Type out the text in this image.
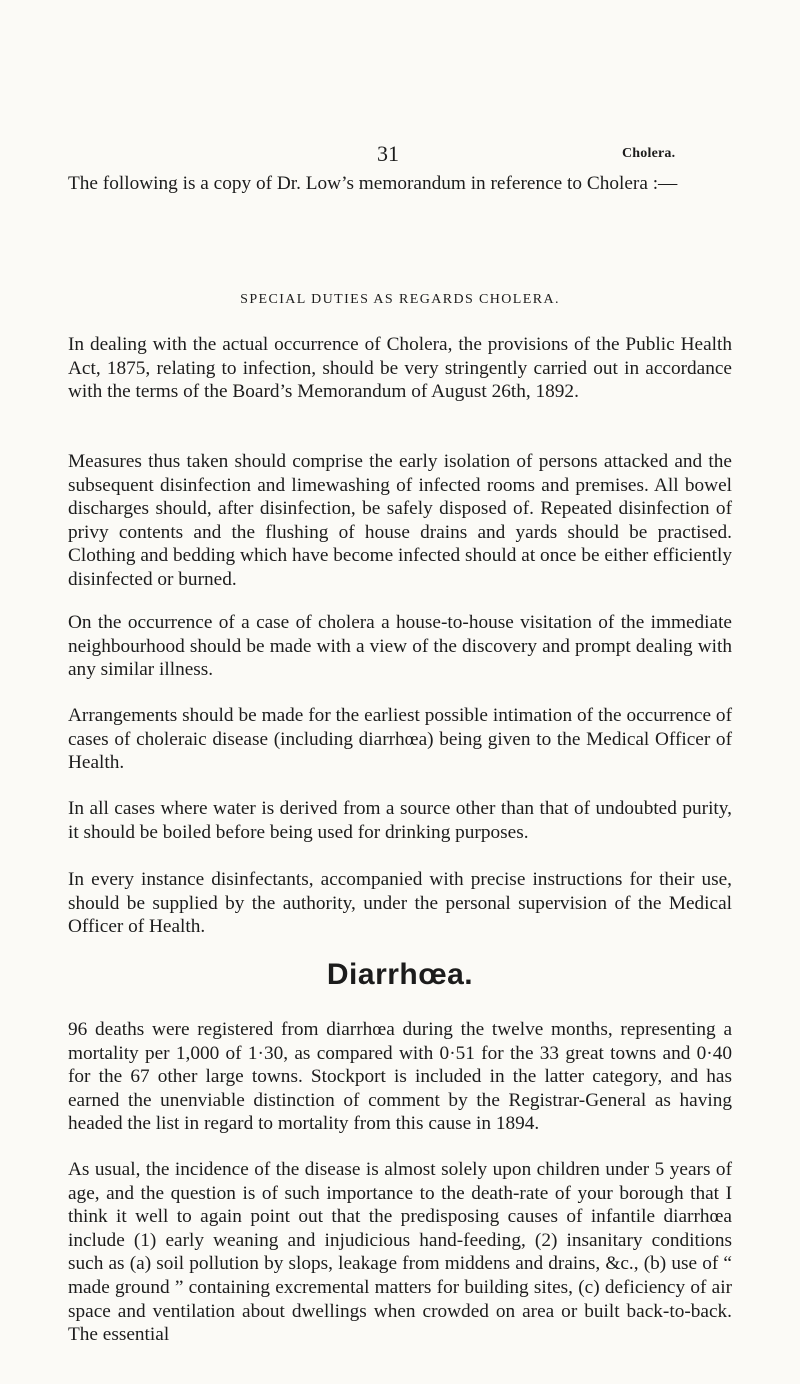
31	Cholera.

The following is a copy of Dr. Low’s memorandum in reference to Cholera :—

SPECIAL DUTIES AS REGARDS CHOLERA.

In dealing with the actual occurrence of Cholera, the provisions of the Public Health Act, 1875, relating to infection, should be very stringently carried out in accordance with the terms of the Board’s Memorandum of August 26th, 1892.

Measures thus taken should comprise the early isolation of persons attacked and the subsequent disinfection and limewashing of infected rooms and premises. All bowel discharges should, after disinfection, be safely disposed of. Repeated disinfection of privy contents and the flushing of house drains and yards should be practised. Clothing and bedding which have become infected should at once be either efficiently disinfected or burned.

On the occurrence of a case of cholera a house-to-house visitation of the immediate neighbourhood should be made with a view of the discovery and prompt dealing with any similar illness.

Arrangements should be made for the earliest possible intimation of the occurrence of cases of choleraic disease (including diarrhœa) being given to the Medical Officer of Health.

In all cases where water is derived from a source other than that of undoubted purity, it should be boiled before being used for drinking purposes.

In every instance disinfectants, accompanied with precise instructions for their use, should be supplied by the authority, under the personal supervision of the Medical Officer of Health.

Diarrhœa.

96 deaths were registered from diarrhœa during the twelve months, representing a mortality per 1,000 of 1·30, as compared with 0·51 for the 33 great towns and 0·40 for the 67 other large towns. Stockport is included in the latter category, and has earned the unenviable distinction of comment by the Registrar-General as having headed the list in regard to mortality from this cause in 1894.

As usual, the incidence of the disease is almost solely upon children under 5 years of age, and the question is of such importance to the death-rate of your borough that I think it well to again point out that the predisposing causes of infantile diarrhœa include (1) early weaning and injudicious hand-feeding, (2) insanitary conditions such as (a) soil pollution by slops, leakage from middens and drains, &c., (b) use of “ made ground ” containing excremental matters for building sites, (c) deficiency of air space and ventilation about dwellings when crowded on area or built back-to-back. The essential
